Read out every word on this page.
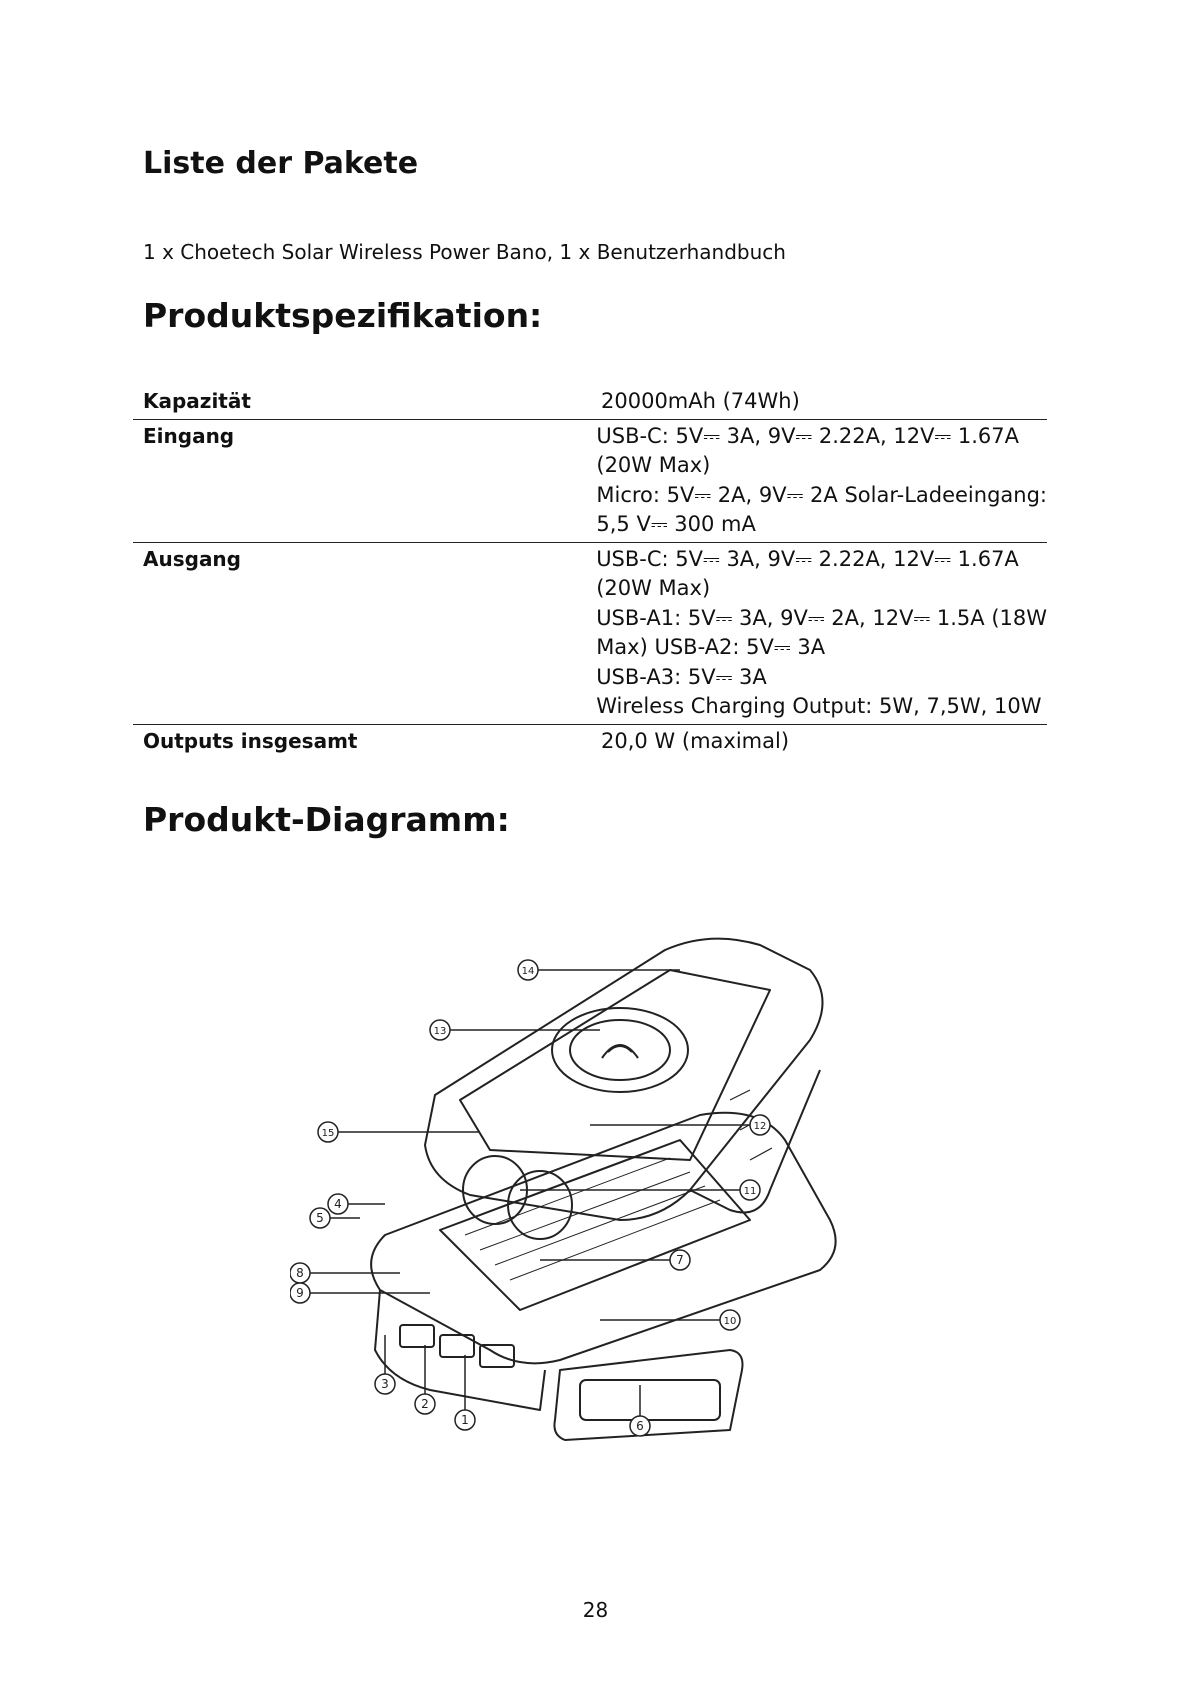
Liste der Pakete
1 x Choetech Solar Wireless Power Bano, 1 x Benutzerhandbuch
Produktspezifikation:
Kapazität	20000mAh (74Wh)
Eingang	USB-C: 5V⎓ 3A, 9V⎓ 2.22A, 12V⎓ 1.67A
(20W Max)
Micro: 5V⎓ 2A, 9V⎓ 2A Solar-Ladeeingang:
5,5 V⎓ 300 mA
Ausgang	USB-C: 5V⎓ 3A, 9V⎓ 2.22A, 12V⎓ 1.67A
(20W Max)
USB-A1: 5V⎓ 3A, 9V⎓ 2A, 12V⎓ 1.5A (18W
Max) USB-A2: 5V⎓ 3A
USB-A3: 5V⎓ 3A
Wireless Charging Output: 5W, 7,5W, 10W
Outputs insgesamt	20,0 W (maximal)
Produkt-Diagramm:
1
2
3
4
5
6
7
8
9
10
11
12
13
14
15
28
